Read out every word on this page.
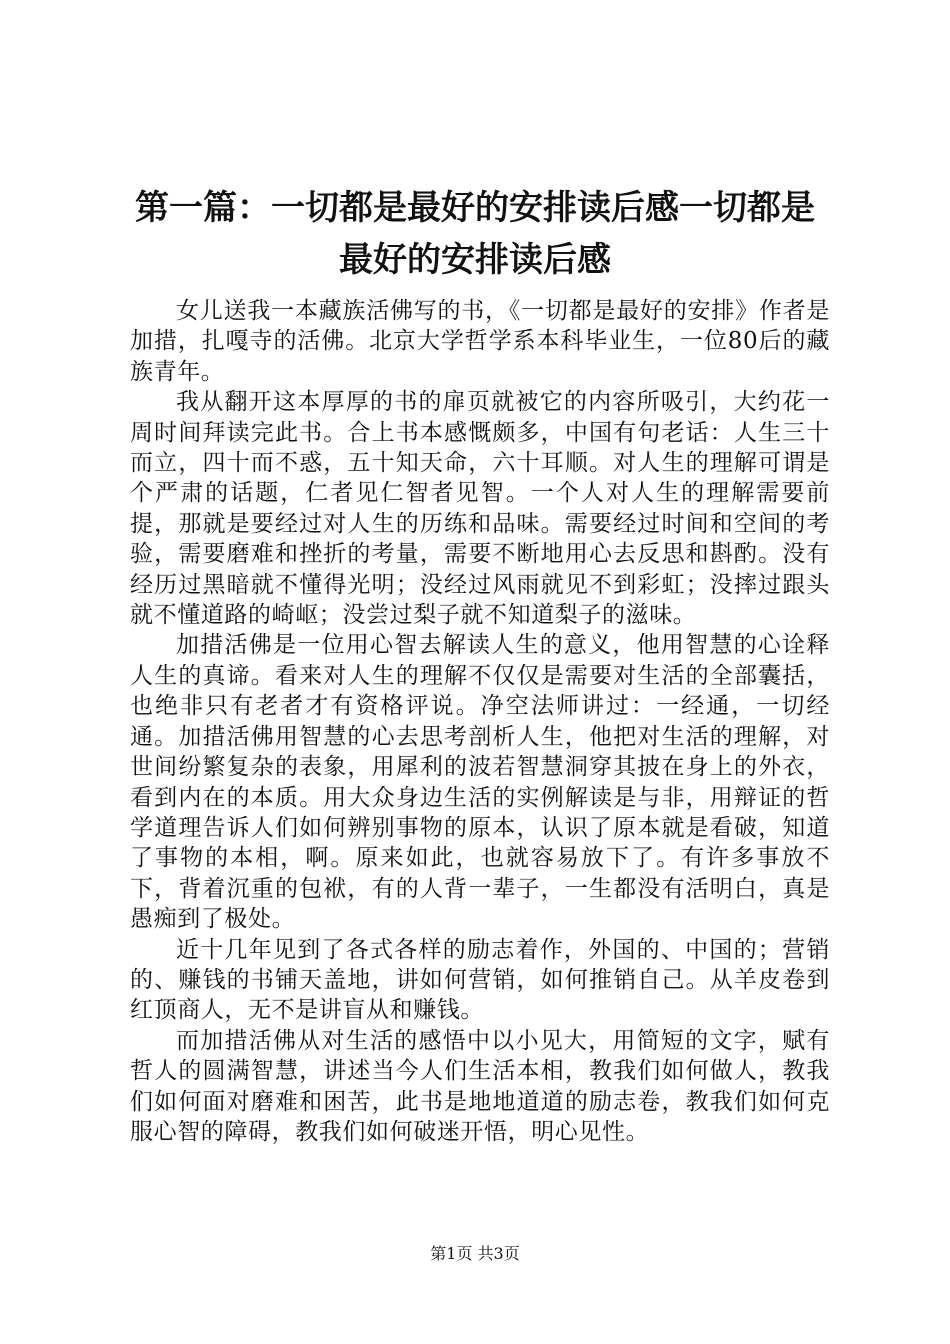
第一篇：一切都是最好的安排读后感一切都是最好的安排读后感

女儿送我一本藏族活佛写的书，《一切都是最好的安排》作者是加措，扎嘎寺的活佛。北京大学哲学系本科毕业生，一位80后的藏族青年。

我从翻开这本厚厚的书的扉页就被它的内容所吸引，大约花一周时间拜读完此书。合上书本感慨颇多，中国有句老话：人生三十而立，四十而不惑，五十知天命，六十耳顺。对人生的理解可谓是个严肃的话题，仁者见仁智者见智。一个人对人生的理解需要前提，那就是要经过对人生的历练和品味。需要经过时间和空间的考验，需要磨难和挫折的考量，需要不断地用心去反思和斟酌。没有经历过黑暗就不懂得光明；没经过风雨就见不到彩虹；没摔过跟头就不懂道路的崎岖；没尝过梨子就不知道梨子的滋味。

加措活佛是一位用心智去解读人生的意义，他用智慧的心诠释人生的真谛。看来对人生的理解不仅仅是需要对生活的全部囊括，也绝非只有老者才有资格评说。净空法师讲过：一经通，一切经通。加措活佛用智慧的心去思考剖析人生，他把对生活的理解，对世间纷繁复杂的表象，用犀利的波若智慧洞穿其披在身上的外衣，看到内在的本质。用大众身边生活的实例解读是与非，用辩证的哲学道理告诉人们如何辨别事物的原本，认识了原本就是看破，知道了事物的本相，啊。原来如此，也就容易放下了。有许多事放不下，背着沉重的包袱，有的人背一辈子，一生都没有活明白，真是愚痴到了极处。

近十几年见到了各式各样的励志着作，外国的、中国的；营销的、赚钱的书铺天盖地，讲如何营销，如何推销自己。从羊皮卷到红顶商人，无不是讲盲从和赚钱。

而加措活佛从对生活的感悟中以小见大，用简短的文字，赋有哲人的圆满智慧，讲述当今人们生活本相，教我们如何做人，教我们如何面对磨难和困苦，此书是地地道道的励志卷，教我们如何克服心智的障碍，教我们如何破迷开悟，明心见性。

第1页 共3页
